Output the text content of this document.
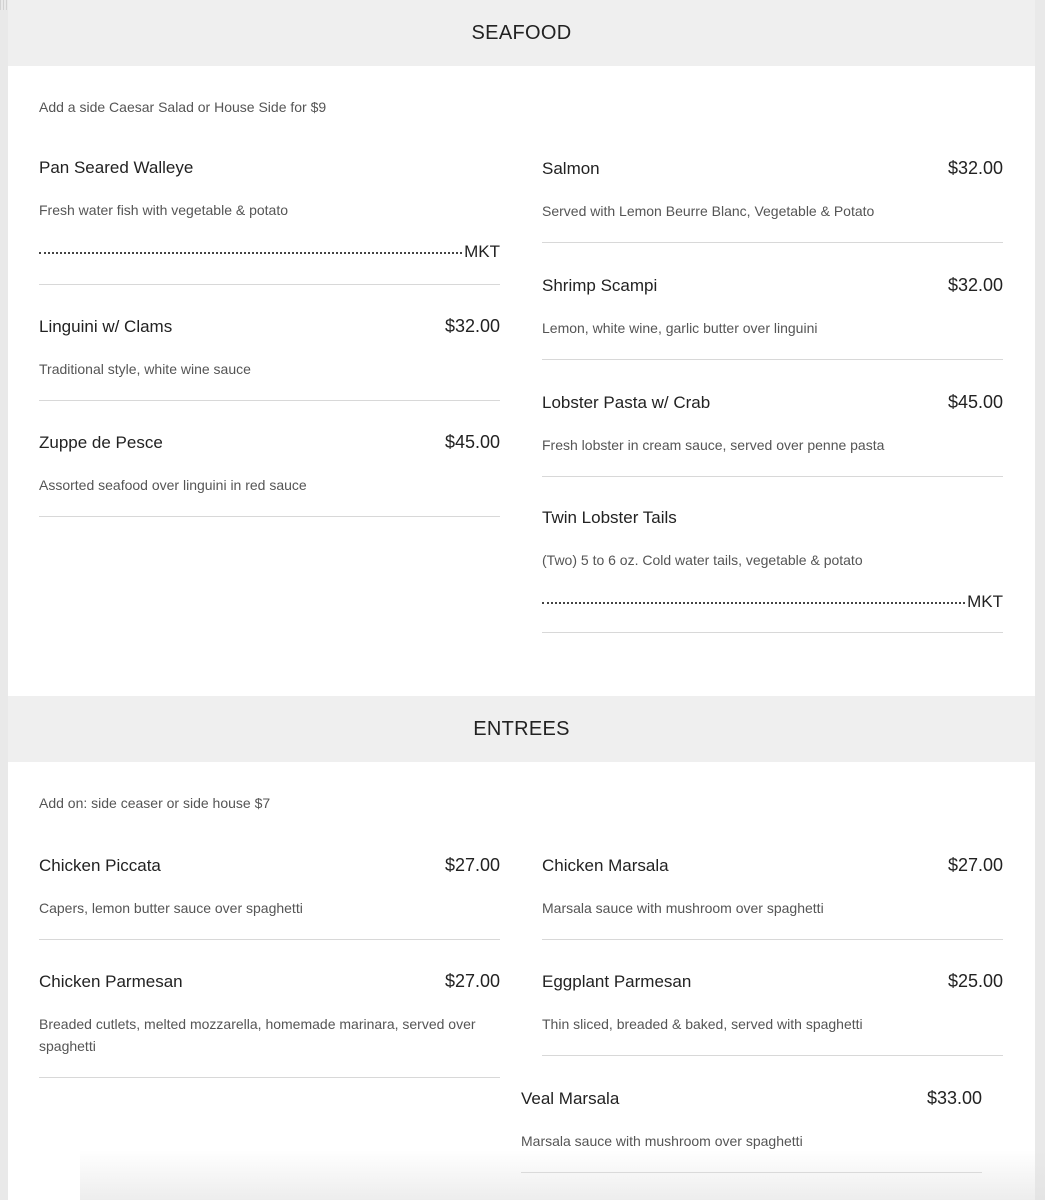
SEAFOOD
Add a side Caesar Salad or House Side for $9
Pan Seared Walleye
Fresh water fish with vegetable & potato
MKT
Linguini w/ Clams	$32.00
Traditional style, white wine sauce
Zuppe de Pesce	$45.00
Assorted seafood over linguini in red sauce
Salmon	$32.00
Served with Lemon Beurre Blanc, Vegetable & Potato
Shrimp Scampi	$32.00
Lemon, white wine, garlic butter over linguini
Lobster Pasta w/ Crab	$45.00
Fresh lobster in cream sauce, served over penne pasta
Twin Lobster Tails
(Two) 5 to 6 oz. Cold water tails, vegetable & potato
MKT
ENTREES
Add on: side ceaser or side house $7
Chicken Piccata	$27.00
Capers, lemon butter sauce over spaghetti
Chicken Parmesan	$27.00
Breaded cutlets, melted mozzarella, homemade marinara, served over spaghetti
Chicken Marsala	$27.00
Marsala sauce with mushroom over spaghetti
Eggplant Parmesan	$25.00
Thin sliced, breaded & baked, served with spaghetti
Veal Marsala	$33.00
Marsala sauce with mushroom over spaghetti
